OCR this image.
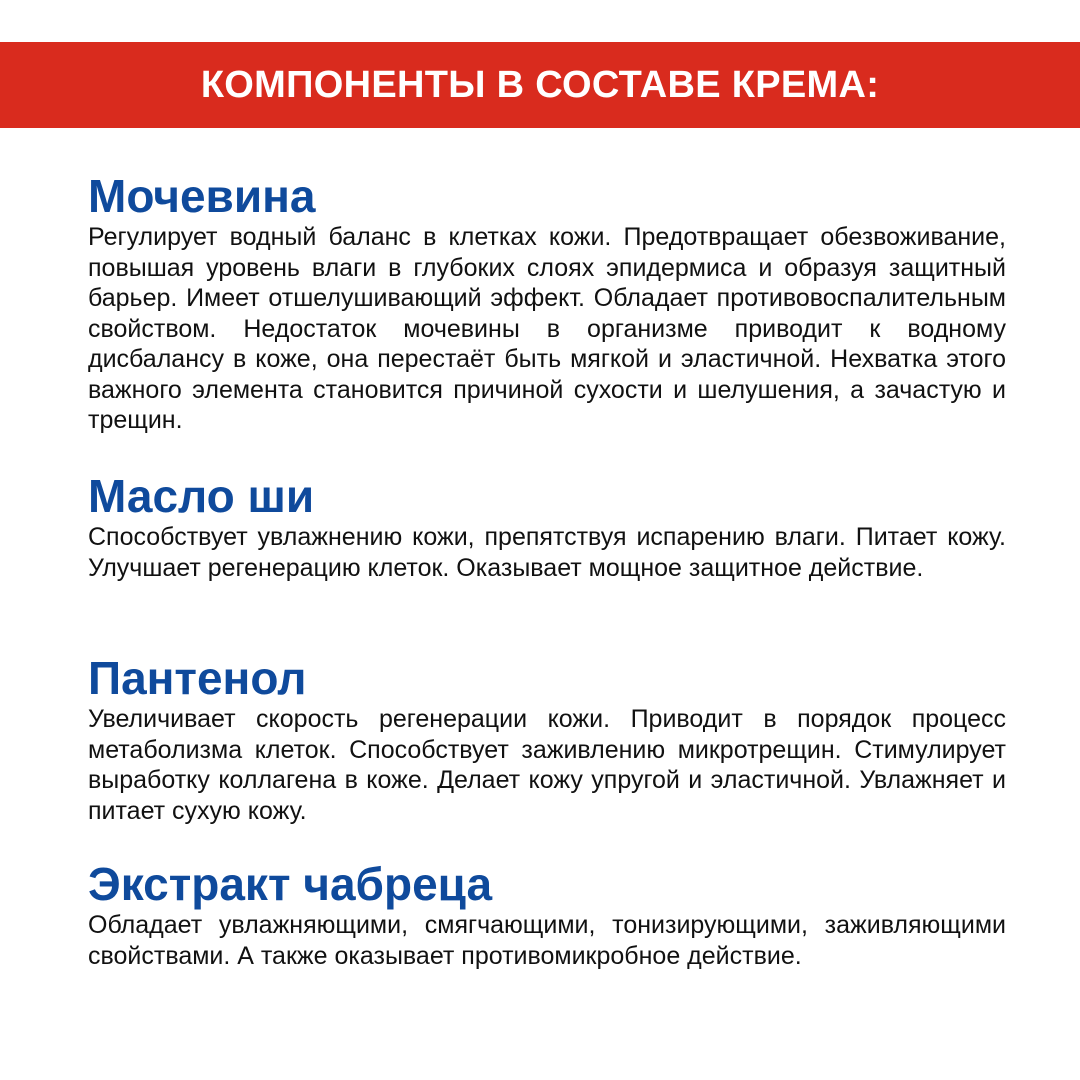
КОМПОНЕНТЫ В СОСТАВЕ КРЕМА:
Мочевина

Регулирует водный баланс в клетках кожи. Предотвращает обезвоживание, повышая уровень влаги в глубоких слоях эпидермиса и образуя защитный барьер. Имеет отшелушивающий эффект. Обладает противовоспалительным свойством. Недостаток мочевины в организме приводит к водному дисбалансу в коже, она перестаёт быть мягкой и эластичной. Нехватка этого важного элемента становится причиной сухости и шелушения, а зачастую и трещин.

Масло ши

Способствует увлажнению кожи, препятствуя испарению влаги. Питает кожу. Улучшает регенерацию клеток. Оказывает мощное защитное действие.

Пантенол

Увеличивает скорость регенерации кожи. Приводит в порядок процесс метаболизма клеток. Способствует заживлению микротрещин. Стимулирует выработку коллагена в коже. Делает кожу упругой и эластичной. Увлажняет и питает сухую кожу.

Экстракт чабреца

Обладает увлажняющими, смягчающими, тонизирующими, заживляющими свойствами. А также оказывает противомикробное действие.
